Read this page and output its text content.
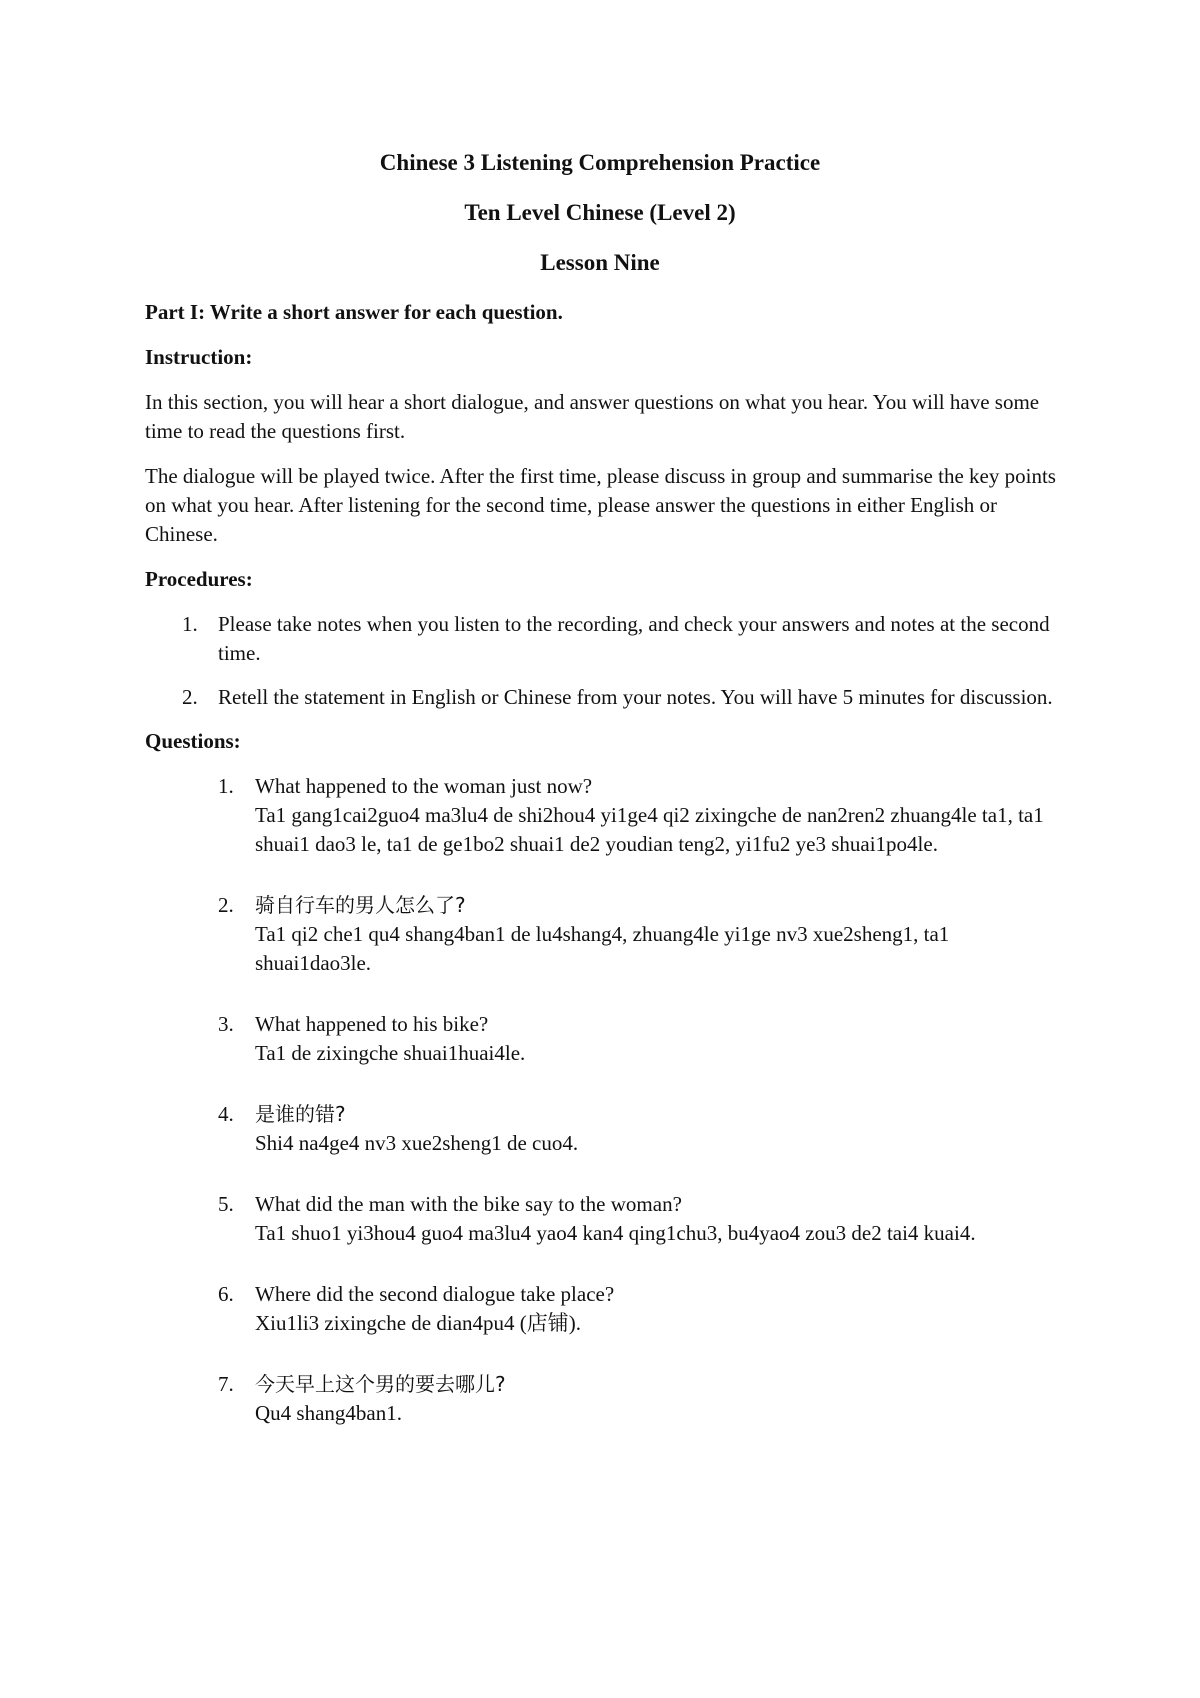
Chinese 3 Listening Comprehension Practice
Ten Level Chinese (Level 2)
Lesson Nine

Part I: Write a short answer for each question.

Instruction:

In this section, you will hear a short dialogue, and answer questions on what you hear. You will have some time to read the questions first.

The dialogue will be played twice. After the first time, please discuss in group and summarise the key points on what you hear. After listening for the second time, please answer the questions in either English or Chinese.

Procedures:

1. Please take notes when you listen to the recording, and check your answers and notes at the second time.
2. Retell the statement in English or Chinese from your notes. You will have 5 minutes for discussion.

Questions:

1. What happened to the woman just now?
Ta1 gang1cai2guo4 ma3lu4 de shi2hou4 yi1ge4 qi2 zixingche de nan2ren2 zhuang4le ta1, ta1 shuai1 dao3 le, ta1 de ge1bo2 shuai1 de2 youdian teng2, yi1fu2 ye3 shuai1po4le.
2. 骑自行车的男人怎么了?
Ta1 qi2 che1 qu4 shang4ban1 de lu4shang4, zhuang4le yi1ge nv3 xue2sheng1, ta1 shuai1dao3le.
3. What happened to his bike?
Ta1 de zixingche shuai1huai4le.
4. 是谁的错?
Shi4 na4ge4 nv3 xue2sheng1 de cuo4.
5. What did the man with the bike say to the woman?
Ta1 shuo1 yi3hou4 guo4 ma3lu4 yao4 kan4 qing1chu3, bu4yao4 zou3 de2 tai4 kuai4.
6. Where did the second dialogue take place?
Xiu1li3 zixingche de dian4pu4 (店铺).
7. 今天早上这个男的要去哪儿?
Qu4 shang4ban1.
